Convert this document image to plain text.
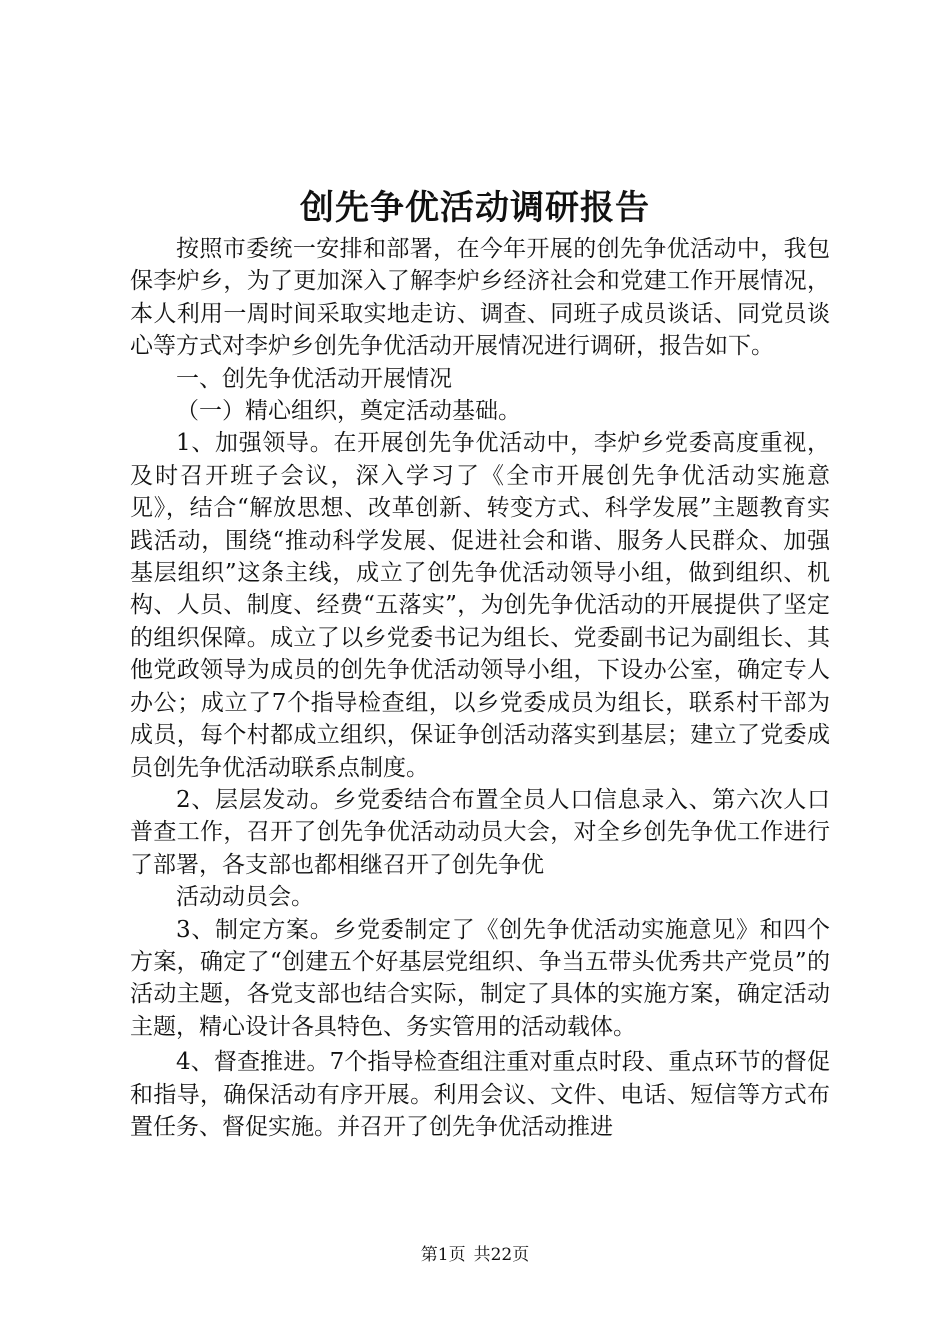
创先争优活动调研报告

按照市委统一安排和部署，在今年开展的创先争优活动中，我包保李炉乡，为了更加深入了解李炉乡经济社会和党建工作开展情况，本人利用一周时间采取实地走访、调查、同班子成员谈话、同党员谈心等方式对李炉乡创先争优活动开展情况进行调研，报告如下。

一、创先争优活动开展情况

（一）精心组织，奠定活动基础。

1、加强领导。在开展创先争优活动中，李炉乡党委高度重视，及时召开班子会议，深入学习了《全市开展创先争优活动实施意见》，结合“解放思想、改革创新、转变方式、科学发展”主题教育实践活动，围绕“推动科学发展、促进社会和谐、服务人民群众、加强基层组织”这条主线，成立了创先争优活动领导小组，做到组织、机构、人员、制度、经费“五落实”，为创先争优活动的开展提供了坚定的组织保障。成立了以乡党委书记为组长、党委副书记为副组长、其他党政领导为成员的创先争优活动领导小组，下设办公室，确定专人办公；成立了7个指导检查组，以乡党委成员为组长，联系村干部为成员，每个村都成立组织，保证争创活动落实到基层；建立了党委成员创先争优活动联系点制度。

2、层层发动。乡党委结合布置全员人口信息录入、第六次人口普查工作，召开了创先争优活动动员大会，对全乡创先争优工作进行了部署，各支部也都相继召开了创先争优

活动动员会。

3、制定方案。乡党委制定了《创先争优活动实施意见》和四个方案，确定了“创建五个好基层党组织、争当五带头优秀共产党员”的活动主题，各党支部也结合实际，制定了具体的实施方案，确定活动主题，精心设计各具特色、务实管用的活动载体。

4、督查推进。7个指导检查组注重对重点时段、重点环节的督促和指导，确保活动有序开展。利用会议、文件、电话、短信等方式布置任务、督促实施。并召开了创先争优活动推进

第1页 共22页
